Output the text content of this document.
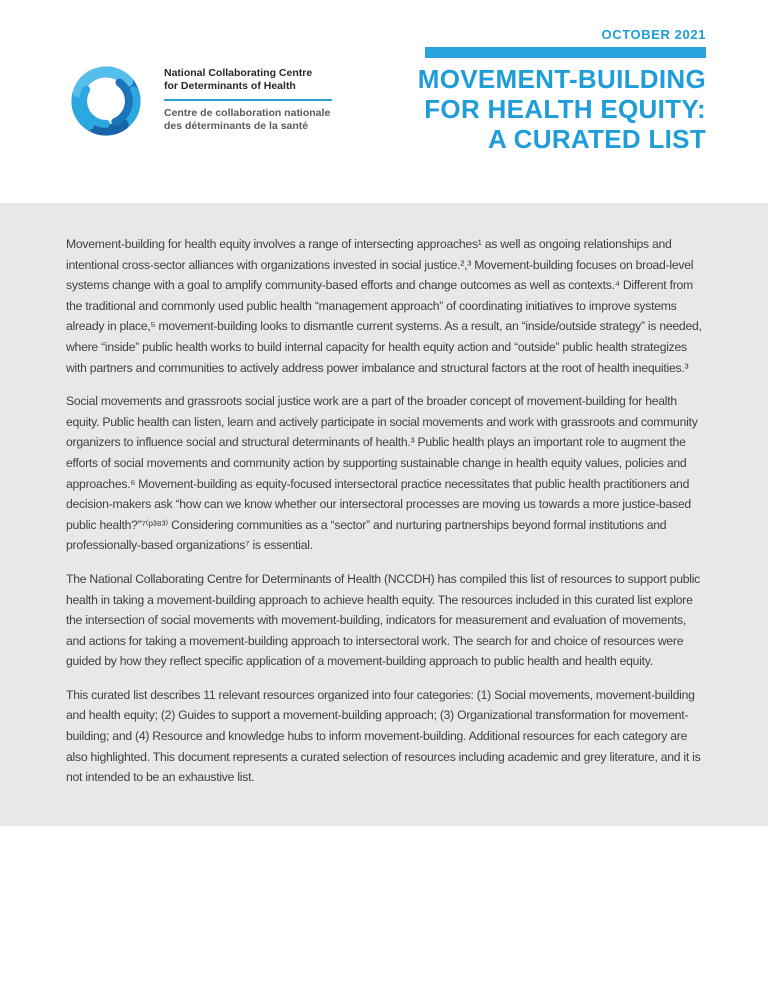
National Collaborating Centre
for Determinants of Health
Centre de collaboration nationale
des déterminants de la santé
OCTOBER 2021
MOVEMENT-BUILDING
FOR HEALTH EQUITY:
A CURATED LIST

Movement-building for health equity involves a range of intersecting approaches¹ as well as ongoing relationships and intentional cross-sector alliances with organizations invested in social justice.²,³ Movement-building focuses on broad-level systems change with a goal to amplify community-based efforts and change outcomes as well as contexts.⁴ Different from the traditional and commonly used public health “management approach” of coordinating initiatives to improve systems already in place,⁵ movement-building looks to dismantle current systems. As a result, an “inside/outside strategy” is needed, where “inside” public health works to build internal capacity for health equity action and “outside” public health strategizes with partners and communities to actively address power imbalance and structural factors at the root of health inequities.³

Social movements and grassroots social justice work are a part of the broader concept of movement-building for health equity. Public health can listen, learn and actively participate in social movements and work with grassroots and community organizers to influence social and structural determinants of health.³ Public health plays an important role to augment the efforts of social movements and community action by supporting sustainable change in health equity values, policies and approaches.⁶ Movement-building as equity-focused intersectoral practice necessitates that public health practitioners and decision-makers ask “how can we know whether our intersectoral processes are moving us towards a more justice-based public health?”⁷⁽ᵖ³⁸³⁾ Considering communities as a “sector” and nurturing partnerships beyond formal institutions and professionally-based organizations⁷ is essential.

The National Collaborating Centre for Determinants of Health (NCCDH) has compiled this list of resources to support public health in taking a movement-building approach to achieve health equity. The resources included in this curated list explore the intersection of social movements with movement-building, indicators for measurement and evaluation of movements, and actions for taking a movement-building approach to intersectoral work. The search for and choice of resources were guided by how they reflect specific application of a movement-building approach to public health and health equity.

This curated list describes 11 relevant resources organized into four categories: (1) Social movements, movement-building and health equity; (2) Guides to support a movement-building approach; (3) Organizational transformation for movement-building; and (4) Resource and knowledge hubs to inform movement-building. Additional resources for each category are also highlighted. This document represents a curated selection of resources including academic and grey literature, and it is not intended to be an exhaustive list.
